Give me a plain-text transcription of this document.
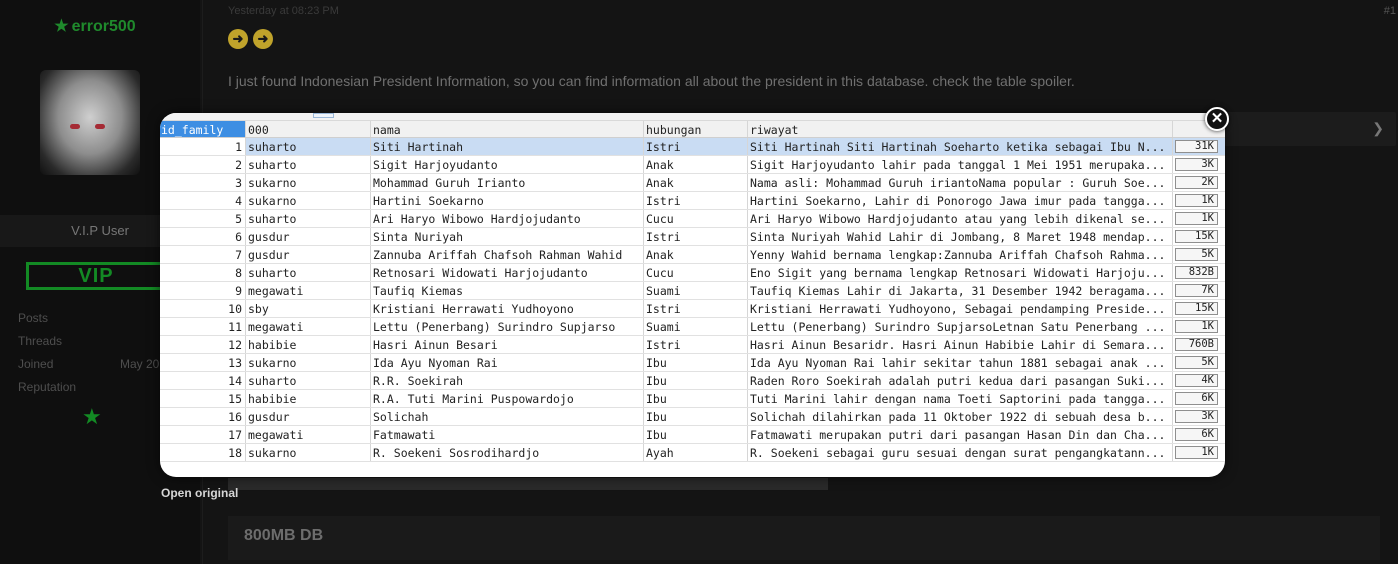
★ error500
V.I.P User
VIP
Posts
Threads
Joined	May 20
Reputation
★
Yesterday at 08:23 PM	#1
➜	➜
I just found Indonesian President Information, so you can find information all about the president in this database. check the table spoiler.
❯
Open original
800MB DB
id_family	000	nama	hubungan	riwayat
1 suharto	Siti Hartinah	Istri	Siti Hartinah Siti Hartinah Soeharto ketika sebagai Ibu N...	31K
2 suharto	Sigit Harjoyudanto	Anak	Sigit Harjoyudanto lahir pada tanggal 1 Mei 1951 merupaka...	3K
3 sukarno	Mohammad Guruh Irianto	Anak	Nama asli: Mohammad Guruh iriantoNama popular : Guruh Soe...	2K
4 sukarno	Hartini Soekarno	Istri	Hartini Soekarno, Lahir di Ponorogo Jawa imur pada tangga...	1K
5 suharto	Ari Haryo Wibowo Hardjojudanto	Cucu	Ari Haryo Wibowo Hardjojudanto atau yang lebih dikenal se...	1K
6 gusdur	Sinta Nuriyah	Istri	Sinta Nuriyah Wahid Lahir di Jombang, 8 Maret 1948 mendap...	15K
7 gusdur	Zannuba Ariffah Chafsoh Rahman Wahid	Anak	Yenny Wahid bernama lengkap:Zannuba Ariffah Chafsoh Rahma...	5K
8 suharto	Retnosari Widowati Harjojudanto	Cucu	Eno Sigit yang bernama lengkap Retnosari Widowati Harjoju...	832B
9 megawati	Taufiq Kiemas	Suami	Taufiq Kiemas Lahir di Jakarta, 31 Desember 1942 beragama...	7K
10 sby	Kristiani Herrawati Yudhoyono	Istri	Kristiani Herrawati Yudhoyono, Sebagai pendamping Preside...	15K
11 megawati	Lettu (Penerbang) Surindro Supjarso	Suami	Lettu (Penerbang) Surindro SupjarsoLetnan Satu Penerbang ...	1K
12 habibie	Hasri Ainun Besari	Istri	Hasri Ainun Besaridr. Hasri Ainun Habibie Lahir di Semara...	760B
13 sukarno	Ida Ayu Nyoman Rai	Ibu	Ida Ayu Nyoman Rai lahir sekitar tahun 1881 sebagai anak ...	5K
14 suharto	R.R. Soekirah	Ibu	Raden Roro Soekirah adalah putri kedua dari pasangan Suki...	4K
15 habibie	R.A. Tuti Marini Puspowardojo	Ibu	Tuti Marini lahir dengan nama Toeti Saptorini pada tangga...	6K
16 gusdur	Solichah	Ibu	Solichah dilahirkan pada 11 Oktober 1922 di sebuah desa b...	3K
17 megawati	Fatmawati	Ibu	Fatmawati merupakan putri dari pasangan Hasan Din dan Cha...	6K
18 sukarno	R. Soekeni Sosrodihardjo	Ayah	R. Soekeni sebagai guru sesuai dengan surat pengangkatann...	1K
✕
